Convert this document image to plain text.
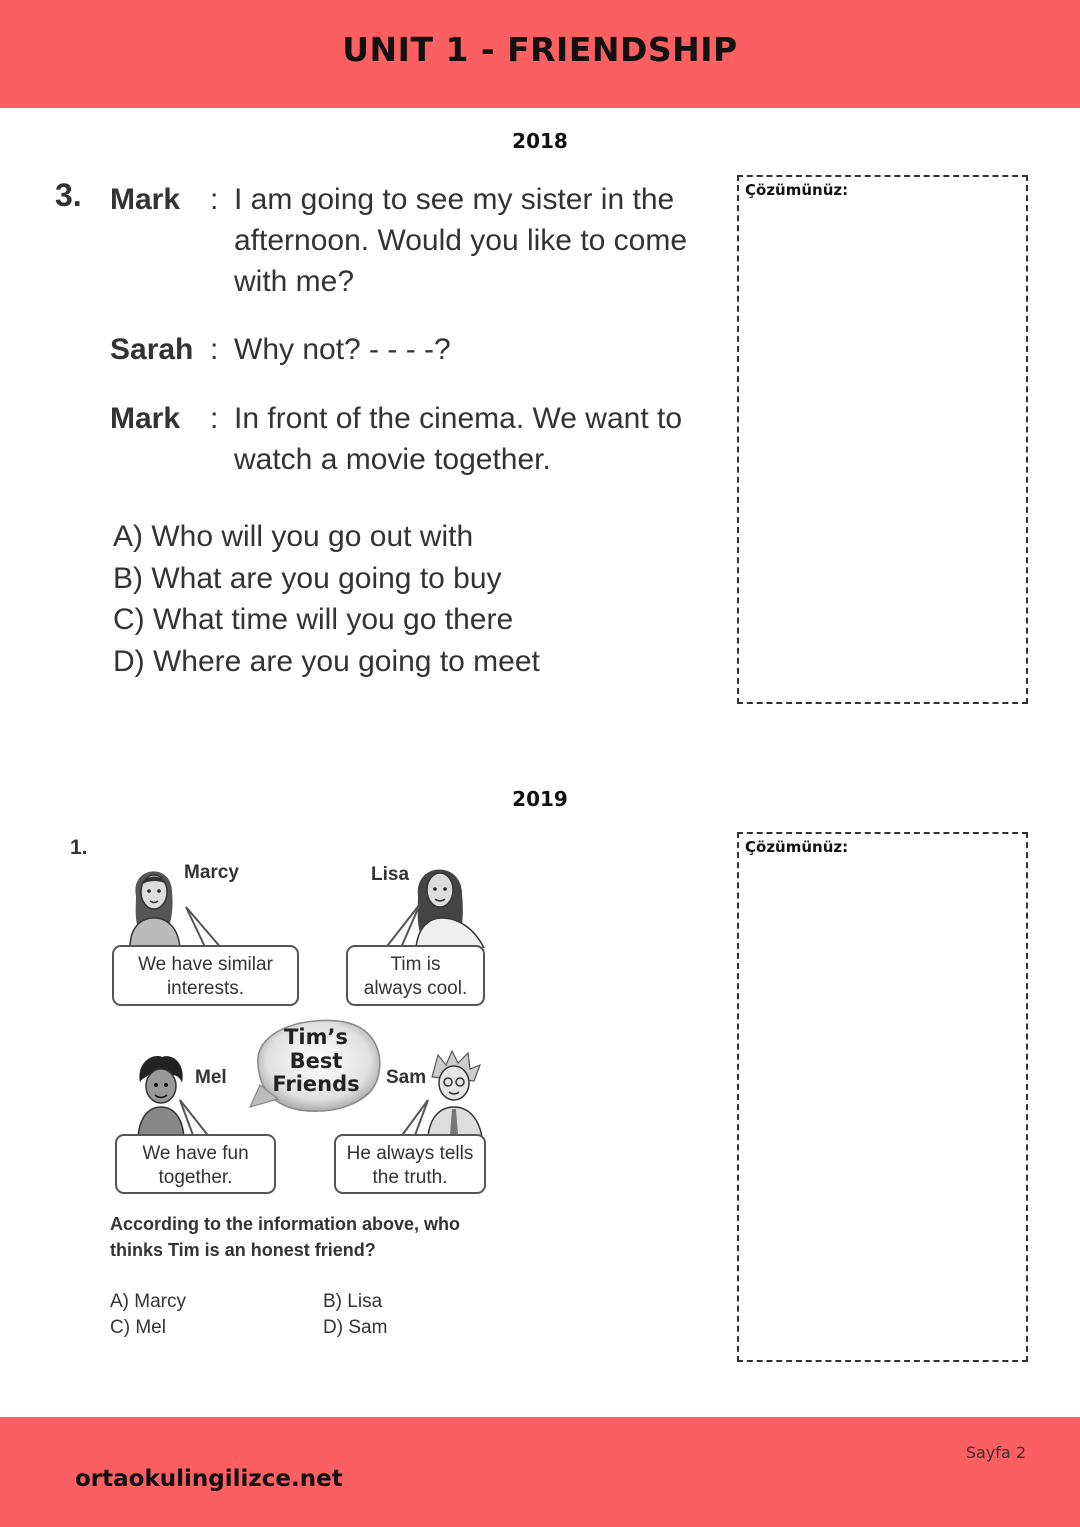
UNIT 1 - FRIENDSHIP
2018
3. Mark : I am going to see my sister in the
afternoon. Would you like to come
with me?
Sarah : Why not? - - - -?
Mark : In front of the cinema. We want to
watch a movie together.
A) Who will you go out with
B) What are you going to buy
C) What time will you go there
D) Where are you going to meet
Çözümünüz:
2019
1.
Marcy
We have similar
interests.
Lisa
Tim is
always cool.
Tim’s
Best
Friends
Mel
We have fun
together.
Sam
He always tells
the truth.
According to the information above, who
thinks Tim is an honest friend?
A) Marcy	B) Lisa
C) Mel	D) Sam
Çözümünüz:
ortaokulingilizce.net
Sayfa 2
